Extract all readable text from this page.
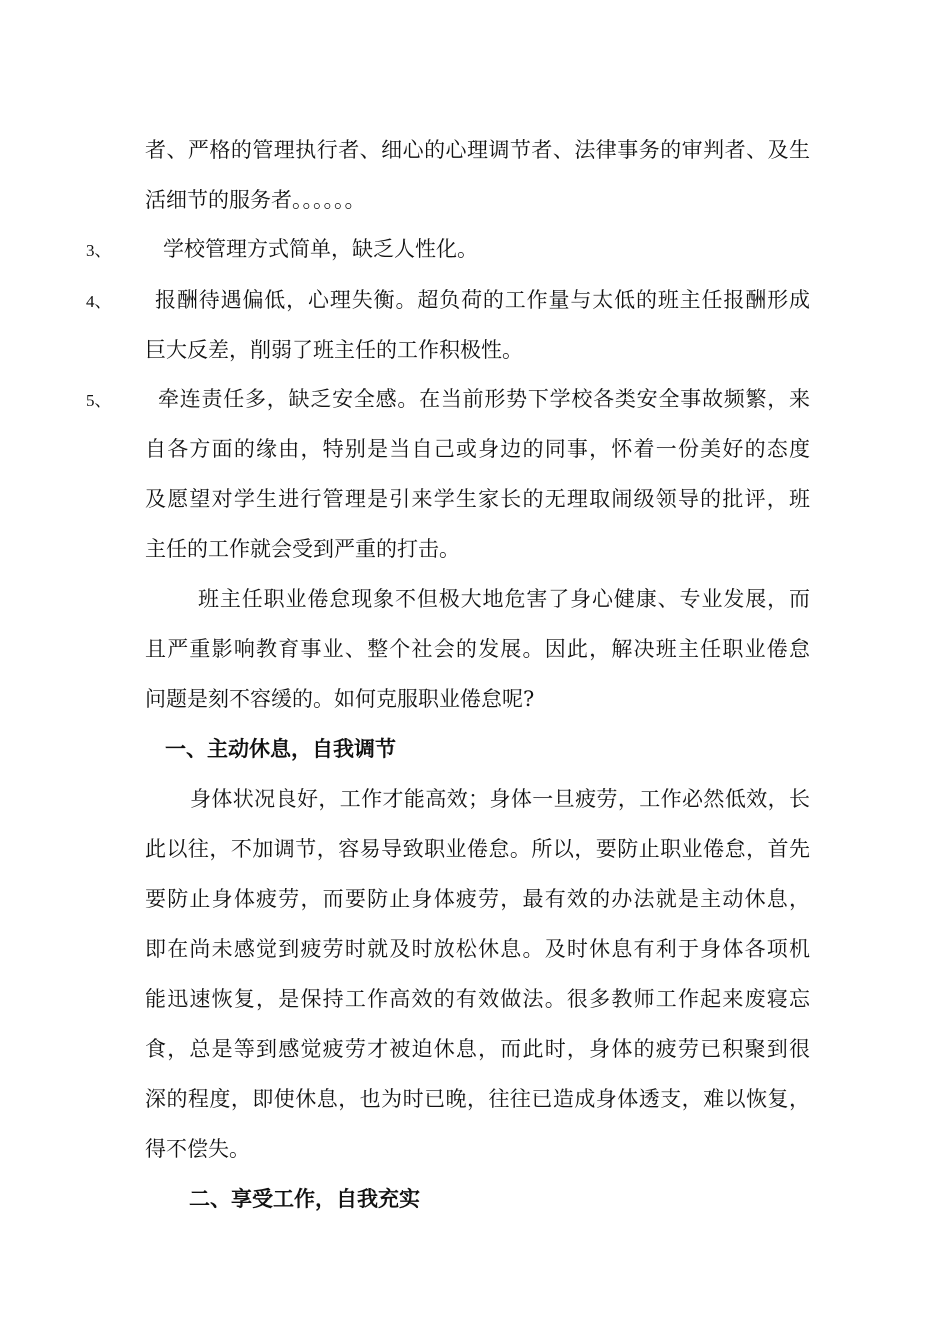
者、严格的管理执行者、细心的心理调节者、法律事务的审判者、及生
活细节的服务者。。。。。。
3、 学校管理方式简单，缺乏人性化。
4、 报酬待遇偏低，心理失衡。超负荷的工作量与太低的班主任报酬形成
巨大反差，削弱了班主任的工作积极性。
5、 牵连责任多，缺乏安全感。在当前形势下学校各类安全事故频繁，来
自各方面的缘由，特别是当自己或身边的同事，怀着一份美好的态度
及愿望对学生进行管理是引来学生家长的无理取闹级领导的批评，班
主任的工作就会受到严重的打击。
班主任职业倦怠现象不但极大地危害了身心健康、专业发展，而
且严重影响教育事业、整个社会的发展。因此，解决班主任职业倦怠
问题是刻不容缓的。如何克服职业倦怠呢?
一、主动休息，自我调节
身体状况良好，工作才能高效；身体一旦疲劳，工作必然低效，长
此以往，不加调节，容易导致职业倦怠。所以，要防止职业倦怠，首先
要防止身体疲劳，而要防止身体疲劳，最有效的办法就是主动休息，
即在尚未感觉到疲劳时就及时放松休息。及时休息有利于身体各项机
能迅速恢复，是保持工作高效的有效做法。很多教师工作起来废寝忘
食，总是等到感觉疲劳才被迫休息，而此时，身体的疲劳已积聚到很
深的程度，即使休息，也为时已晚，往往已造成身体透支，难以恢复，
得不偿失。
二、享受工作，自我充实
